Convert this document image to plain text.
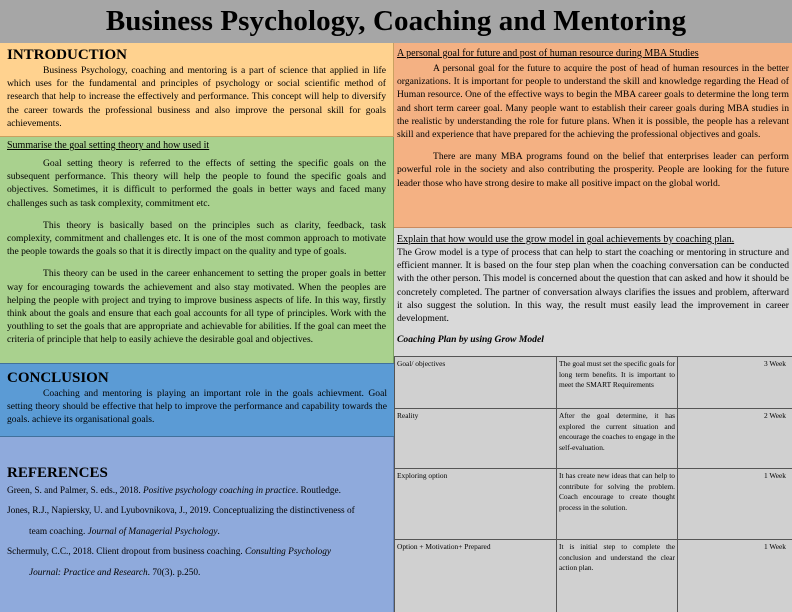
Business Psychology, Coaching and Mentoring
INTRODUCTION

Business Psychology, coaching and mentoring is a part of science that applied in life which uses for the fundamental and principles of psychology or social scientific method of research that help to increase the effectively and performance. This concept will help to diversify the career towards the professional business and also improve the personal skill for goals achievements.

Summarise the goal setting theory and how used it

Goal setting theory is referred to the effects of setting the specific goals on the subsequent performance. This theory will help the people to found the specific goals and objectives. Sometimes, it is difficult to performed the goals in better ways and faced many challenges such as task complexity, commitment etc.

This theory is basically based on the principles such as clarity, feedback, task complexity, commitment and challenges etc. It is one of the most common approach to motivate the people towards the goals so that it is directly impact on the quality and type of goals.

This theory can be used in the career enhancement to setting the proper goals in better way for encouraging towards the achievement and also stay motivated. When the peoples are helping the people with project and trying to improve business aspects of life. In this way, firstly think about the goals and ensure that each goal accounts for all type of principles. Work with the youthling to set the goals that are appropriate and achievable for abilities. If the goal can meet the criteria of principle that help to easily achieve the desirable goal and objectives.

CONCLUSION

Coaching and mentoring is playing an important role in the goals achievment. Goal setting theory should be effective that help to improve the performance and capability towards the goals. achieve its organisational goals.

REFERENCES
Green, S. and Palmer, S. eds., 2018. Positive psychology coaching in practice. Routledge.
Jones, R.J., Napiersky, U. and Lyubovnikova, J., 2019. Conceptualizing the distinctiveness of
team coaching. Journal of Managerial Psychology.
Schermuly, C.C., 2018. Client dropout from business coaching. Consulting Psychology
Journal: Practice and Research. 70(3). p.250.
A personal goal for future and post of human resource during MBA Studies

A personal goal for the future to acquire the post of head of human resources in the better organizations. It is important for people to understand the skill and knowledge regarding the Head of Human resource. One of the effective ways to begin the MBA career goals to determine the long term and short term career goal. Many people want to establish their career goals during MBA studies in the realistic by understanding the role for future plans. When it is possible, the people has a relevant skill and experience that have prepared for the achieving the professional objectives and goals.

There are many MBA programs found on the belief that enterprises leader can perform powerful role in the society and also contributing the prosperity. People are looking for the future leader those who have strong desire to make all positive impact on the global world.

Explain that how would use the grow model in goal achievements by coaching plan.

The Grow model is a type of process that can help to start the coaching or mentoring in structure and efficient manner. It is based on the four step plan when the coaching conversation can be conducted with the other person. This model is concerned about the question that can asked and how it should be concretely completed. The partner of conversation always clarifies the issues and problem, afterward it also suggest the solution. In this way, the result must easily lead the improvement in career development.

Coaching Plan by using Grow Model
Goal/ objectives	The goal must set the specific goals for long term benefits. It is important to meet the SMART Requirements	3 Week
Reality	After the goal determine, it has explored the current situation and encourage the coaches to engage in the self-evaluation.	2 Week
Exploring option	It has create new ideas that can help to contribute for solving the problem. Coach encourage to create thought process in the solution.	1 Week
Option + Motivation+ Prepared	It is initial step to complete the conclusion and understand the clear action plan.	1 Week
